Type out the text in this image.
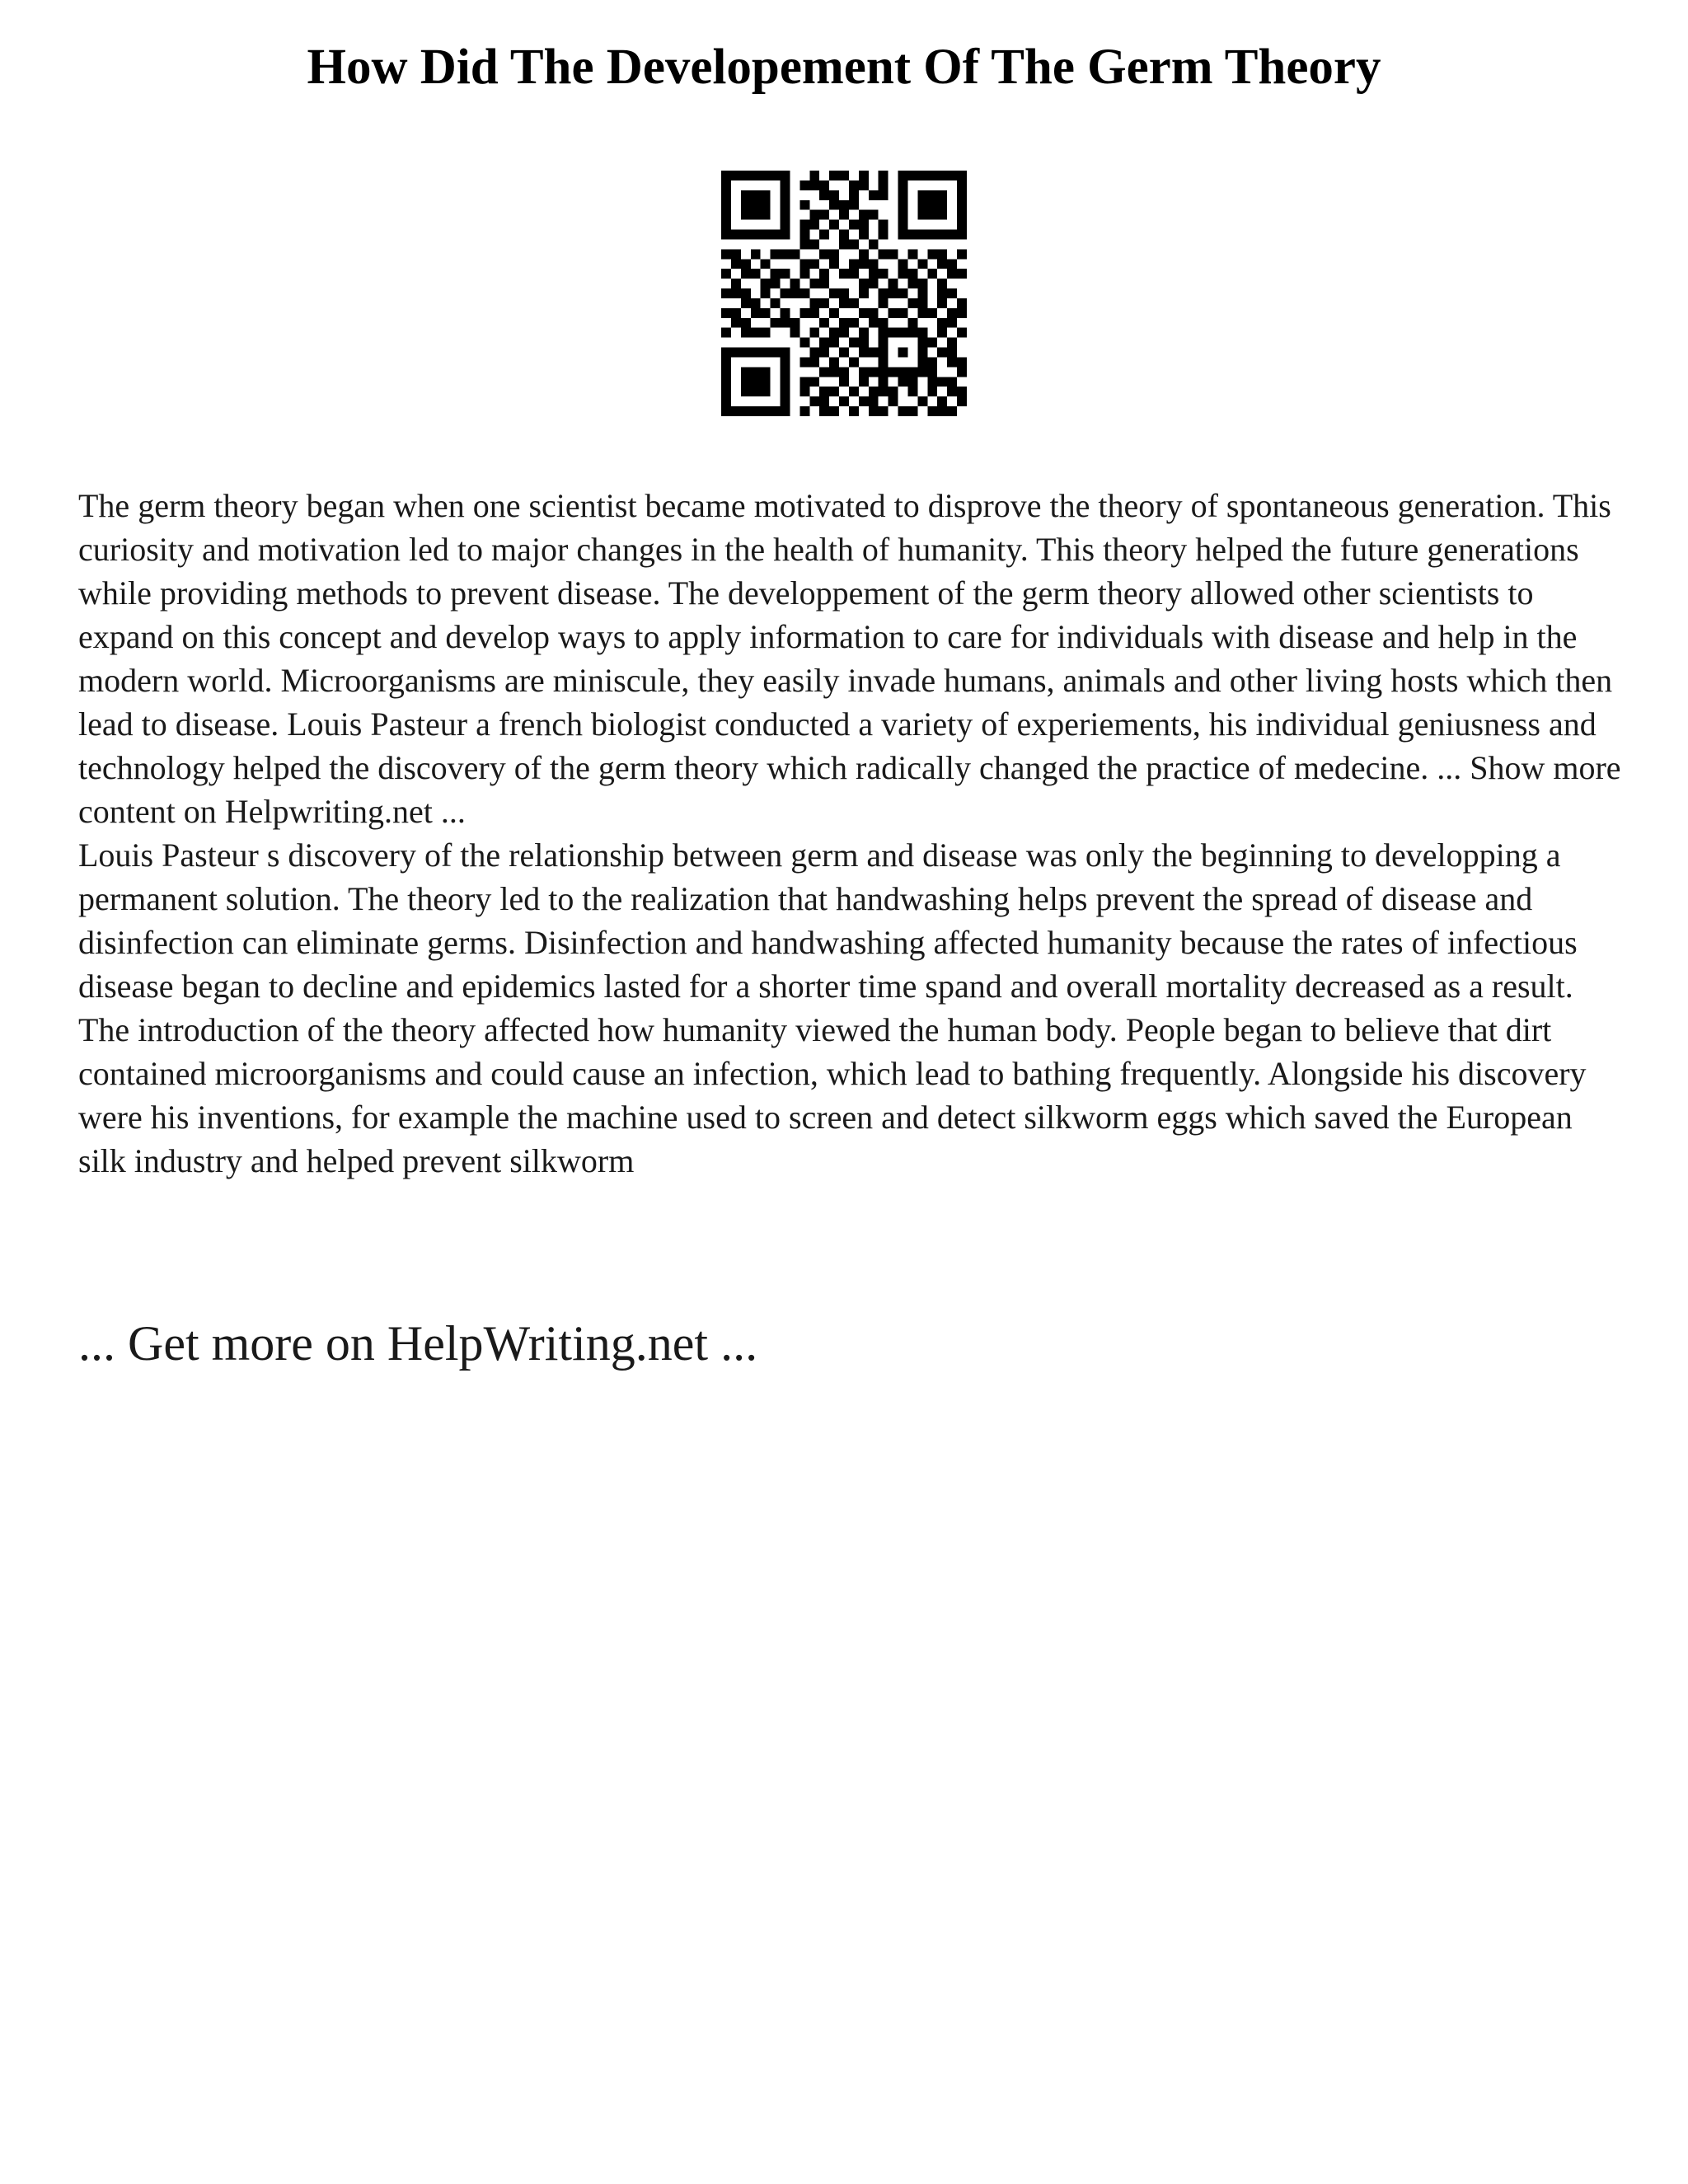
How Did The Developement Of The Germ Theory

The germ theory began when one scientist became motivated to disprove the theory of spontaneous generation. This curiosity and motivation led to major changes in the health of humanity. This theory helped the future generations while providing methods to prevent disease. The developpement of the germ theory allowed other scientists to expand on this concept and develop ways to apply information to care for individuals with disease and help in the modern world. Microorganisms are miniscule, they easily invade humans, animals and other living hosts which then lead to disease. Louis Pasteur a french biologist conducted a variety of experiements, his individual geniusness and technology helped the discovery of the germ theory which radically changed the practice of medecine. ... Show more content on Helpwriting.net ...

Louis Pasteur s discovery of the relationship between germ and disease was only the beginning to developping a permanent solution. The theory led to the realization that handwashing helps prevent the spread of disease and disinfection can eliminate germs. Disinfection and handwashing affected humanity because the rates of infectious disease began to decline and epidemics lasted for a shorter time spand and overall mortality decreased as a result. The introduction of the theory affected how humanity viewed the human body. People began to believe that dirt contained microorganisms and could cause an infection, which lead to bathing frequently. Alongside his discovery were his inventions, for example the machine used to screen and detect silkworm eggs which saved the European silk industry and helped prevent silkworm

... Get more on HelpWriting.net ...
